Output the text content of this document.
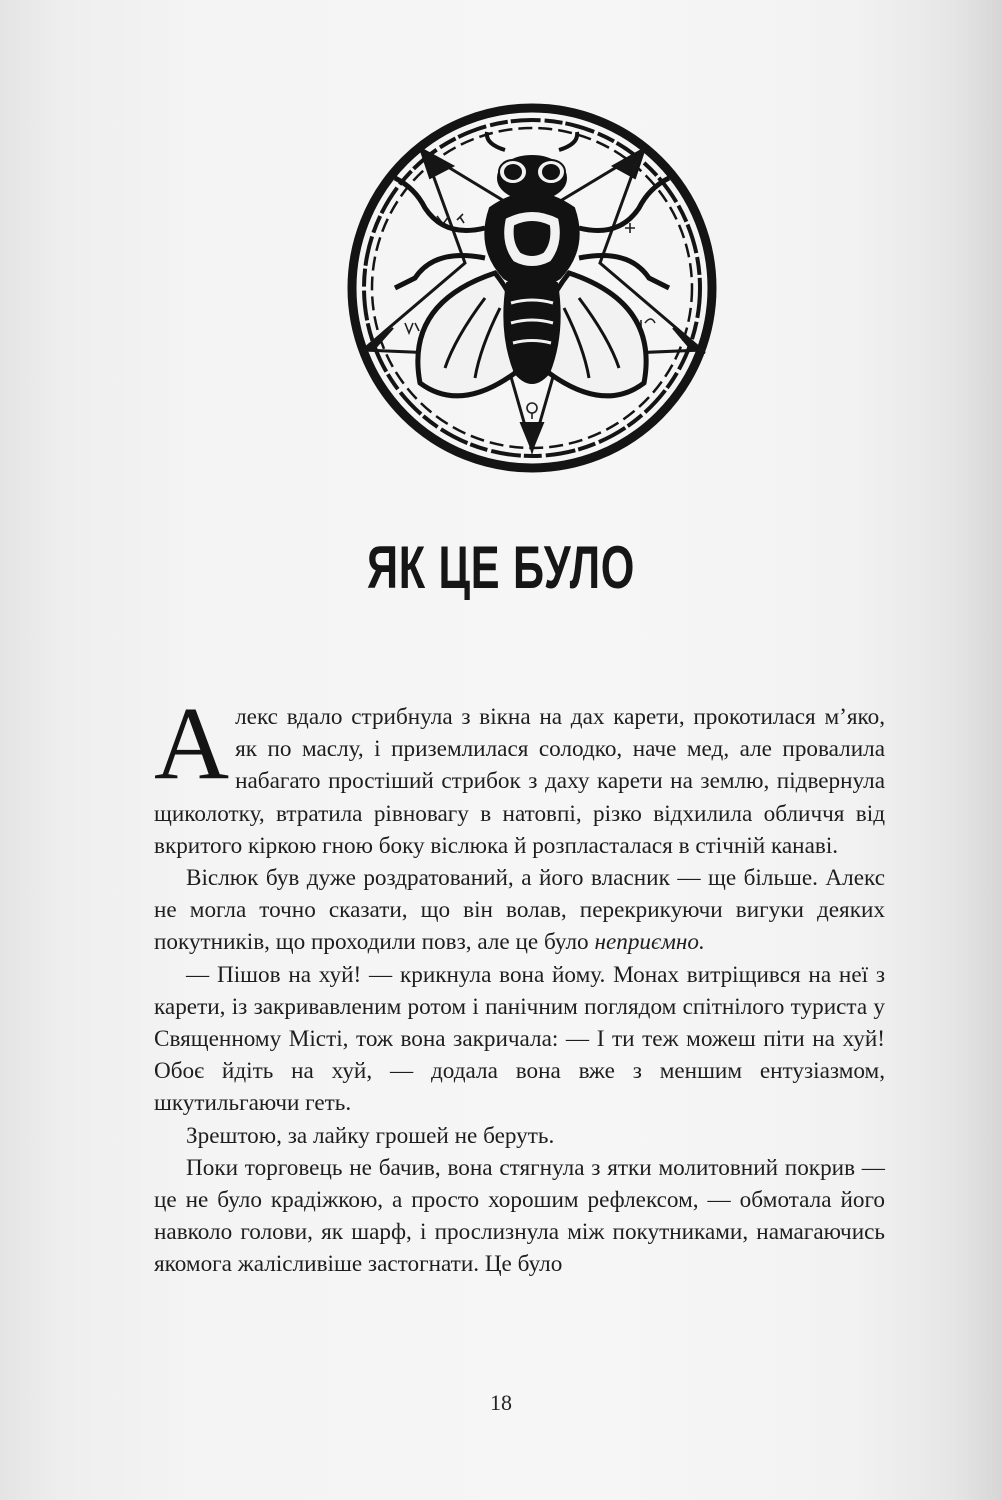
ЯК ЦЕ БУЛО

Алекс вдало стрибнула з вікна на дах карети, прокотилася м’яко, як по маслу, і приземлилася солодко, наче мед, але провалила набагато простіший стрибок з даху карети на землю, підвернула щиколотку, втратила рівновагу в натовпі, різко відхилила обличчя від вкритого кіркою гною боку віслюка й розпласталася в стічній канаві.

Віслюк був дуже роздратований, а його власник — ще більше. Алекс не могла точно сказати, що він волав, перекрикуючи вигуки деяких покутників, що проходили повз, але це було неприємно.

— Пішов на хуй! — крикнула вона йому. Монах витріщився на неї з карети, із закривавленим ротом і панічним поглядом спітнілого туриста у Священному Місті, тож вона закричала: — І ти теж можеш піти на хуй! Обоє йдіть на хуй, — додала вона вже з меншим ентузіазмом, шкутильгаючи геть.

Зрештою, за лайку грошей не беруть.

Поки торговець не бачив, вона стягнула з ятки молитовний покрив — це не було крадіжкою, а просто хорошим рефлексом, — обмотала його навколо голови, як шарф, і прослизнула між покутниками, намагаючись якомога жалісливіше застогнати. Це було

18
